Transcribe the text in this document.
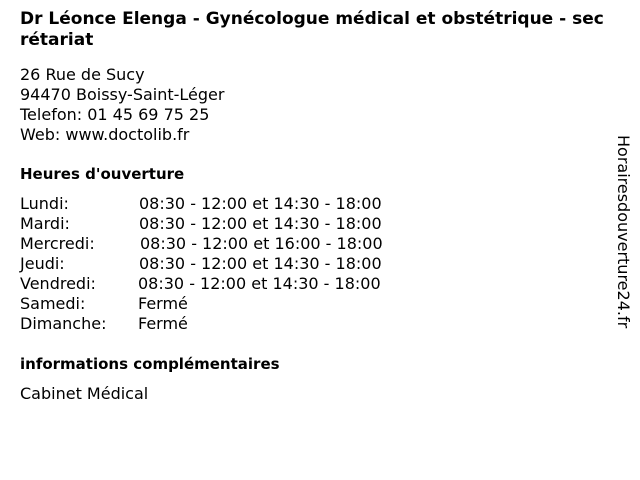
Dr Léonce Elenga - Gynécologue médical et obstétrique - secrétariat
26 Rue de Sucy
94470 Boissy-Saint-Léger
Telefon: 01 45 69 75 25
Web: www.doctolib.fr
Heures d'ouverture
Lundi:	08:30 - 12:00 et 14:30 - 18:00
Mardi:	08:30 - 12:00 et 14:30 - 18:00
Mercredi:	08:30 - 12:00 et 16:00 - 18:00
Jeudi:	08:30 - 12:00 et 14:30 - 18:00
Vendredi:	08:30 - 12:00 et 14:30 - 18:00
Samedi:	Fermé
Dimanche: Fermé
informations complémentaires
Cabinet Médical
Horairesdouverture24.fr
